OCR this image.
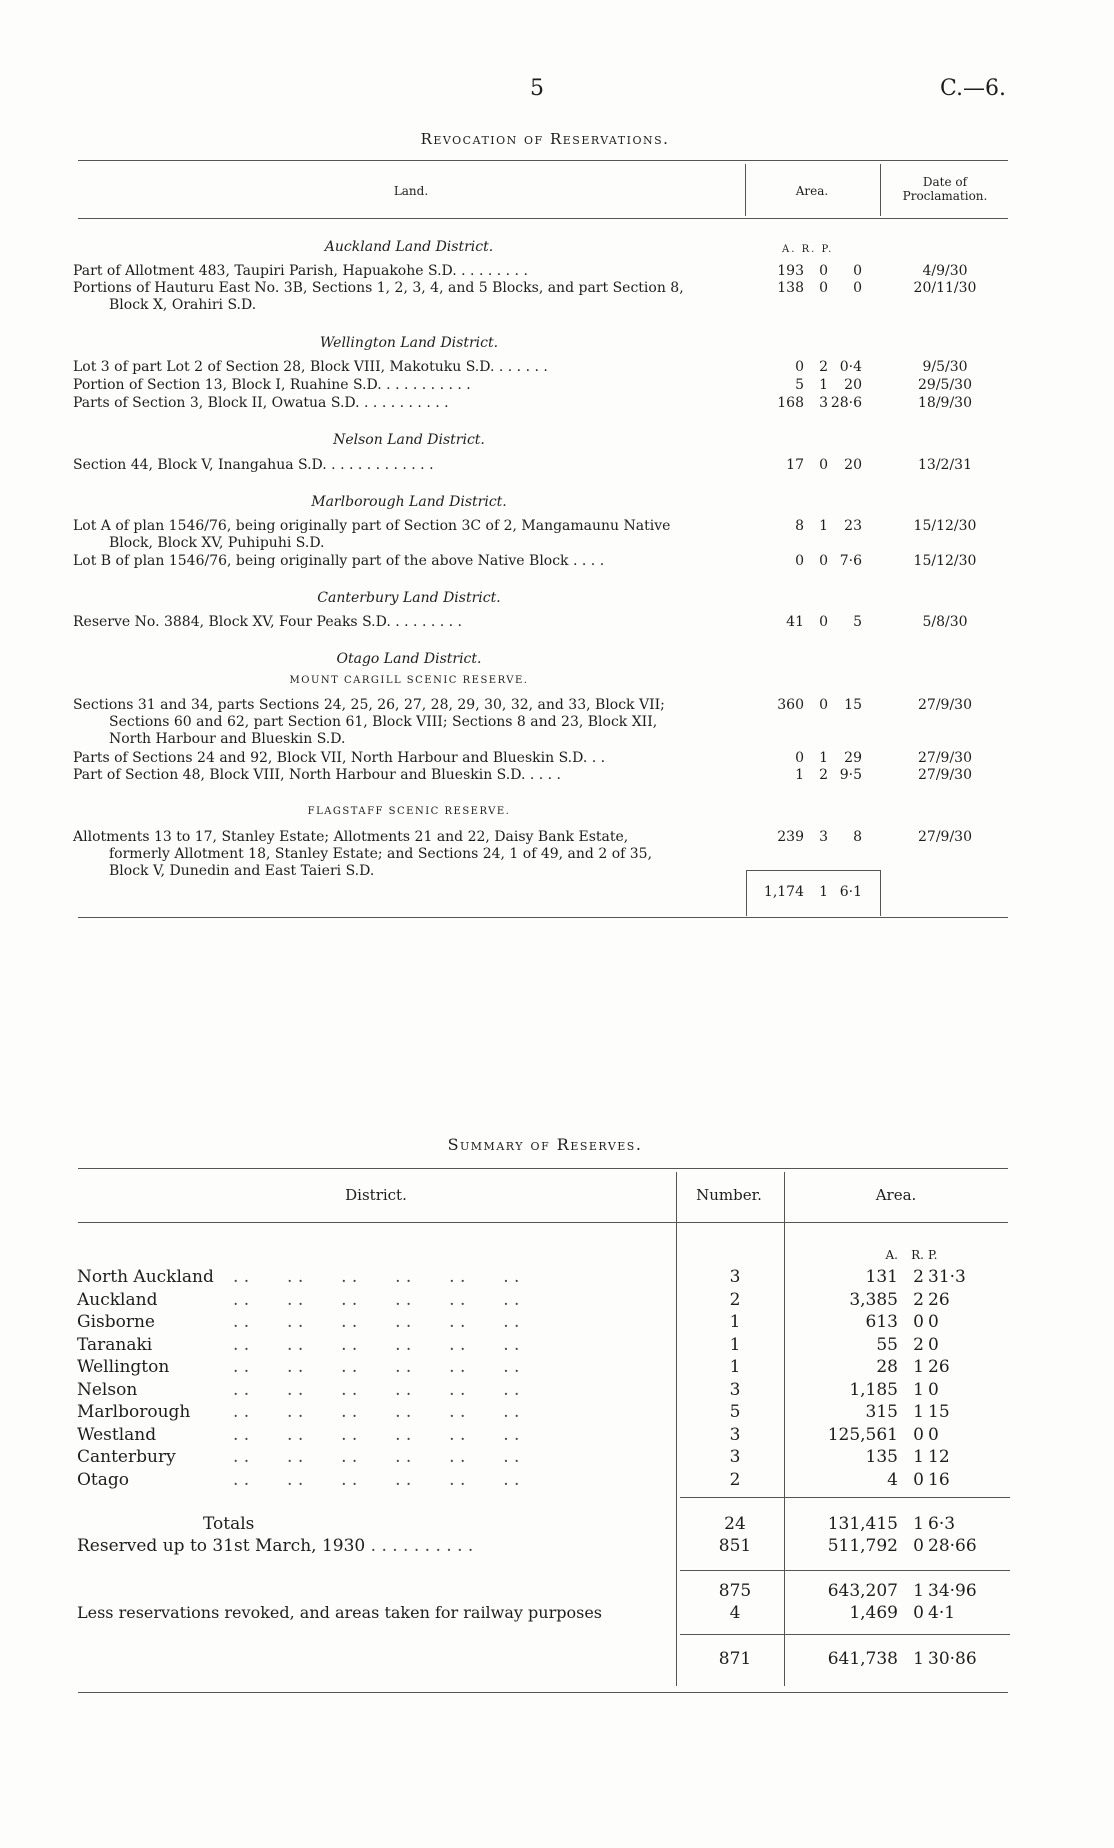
5	C.—6.
Revocation of Reservations.
Land.	Area.
Date of Proclamation.
A. R. P.
Auckland Land District.
Part of Allotment 483, Taupiri Parish, Hapuakohe S.D. . . . . . . . .	193 0 0	4/9/30
Portions of Hauturu East No. 3B, Sections 1, 2, 3, 4, and 5 Blocks, and part Section 8,
Block X, Orahiri S.D.
138 0 0	20/11/30
Wellington Land District.
Lot 3 of part Lot 2 of Section 28, Block VIII, Makotuku S.D. . . . . . .	0 2 0·4	9/5/30
Portion of Section 13, Block I, Ruahine S.D. . . . . . . . . . .	5 1 20	29/5/30
Parts of Section 3, Block II, Owatua S.D. . . . . . . . . . .	168 3 28·6	18/9/30
Nelson Land District.
Section 44, Block V, Inangahua S.D. . . . . . . . . . . . .	17 0 20	13/2/31
Marlborough Land District.
Lot A of plan 1546/76, being originally part of Section 3C of 2, Mangamaunu Native
Block, Block XV, Puhipuhi S.D.
8 1 23	15/12/30
Lot B of plan 1546/76, being originally part of the above Native Block . . . .	0 0 7·6	15/12/30
Canterbury Land District.
Reserve No. 3884, Block XV, Four Peaks S.D. . . . . . . . .	41 0 5	5/8/30
Otago Land District.
MOUNT CARGILL SCENIC RESERVE.
Sections 31 and 34, parts Sections 24, 25, 26, 27, 28, 29, 30, 32, and 33, Block VII;
Sections 60 and 62, part Section 61, Block VIII; Sections 8 and 23, Block XII,
North Harbour and Blueskin S.D.
360 0 15	27/9/30
Parts of Sections 24 and 92, Block VII, North Harbour and Blueskin S.D. . .	0 1 29	27/9/30
Part of Section 48, Block VIII, North Harbour and Blueskin S.D. . . . .	1 2 9·5	27/9/30
FLAGSTAFF SCENIC RESERVE.
Allotments 13 to 17, Stanley Estate; Allotments 21 and 22, Daisy Bank Estate,
formerly Allotment 18, Stanley Estate; and Sections 24, 1 of 49, and 2 of 35,
Block V, Dunedin and East Taieri S.D.
239 3 8	27/9/30
1,174 1 6·1
Summary of Reserves.
District.	Number.	Area.
A. R. P.
North Auckland . .       . .       . .       . .       . .       . .	3	131 2 31·3
Auckland	. .       . .       . .       . .       . .       . .	2	3,385 2 26
Gisborne	. .       . .       . .       . .       . .       . .	1	613 0 0
Taranaki	. .       . .       . .       . .       . .       . .	1	55 2 0
Wellington	. .       . .       . .       . .       . .       . .	1	28 1 26
Nelson	. .       . .       . .       . .       . .       . .	3	1,185 1 0
Marlborough	. .       . .       . .       . .       . .       . .	5	315 1 15
Westland	. .       . .       . .       . .       . .       . .	3	125,561 0 0
Canterbury	. .       . .       . .       . .       . .       . .	3	135 1 12
Otago	. .       . .       . .       . .       . .       . .	2	4 0 16
Totals	24	131,415 1 6·3
Reserved up to 31st March, 1930 . . . . . . . . . .	851	511,792 0 28·66
875	643,207 1 34·96
Less reservations revoked, and areas taken for railway purposes	4	1,469 0 4·1
871	641,738 1 30·86
